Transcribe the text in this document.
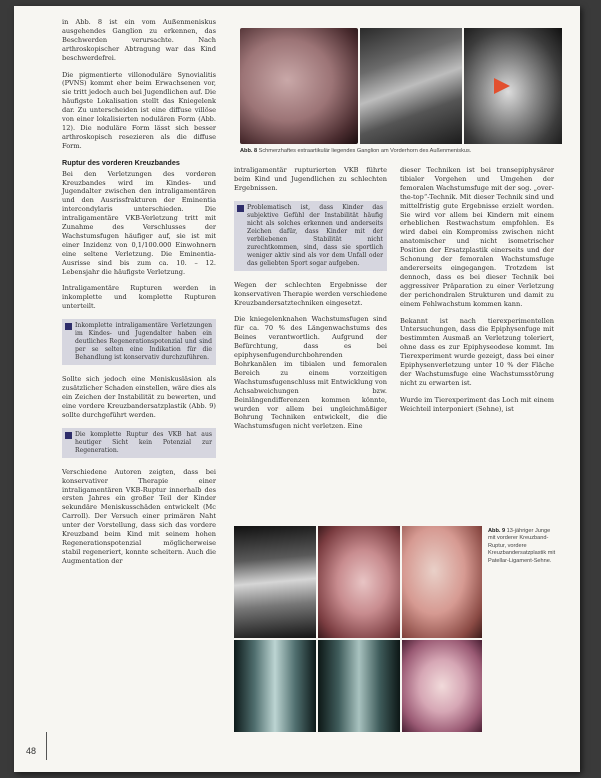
in Abb. 8 ist ein vom Außenmeniskus ausgehendes Ganglion zu erkennen, das Beschwerden verursachte. Nach arthroskopischer Abtragung war das Kind beschwerdefrei.

Die pigmentierte villonoduläre Synovialitis (PVNS) kommt eher beim Erwachsenen vor, sie tritt jedoch auch bei Jugendlichen auf. Die häufigste Lokalisation stellt das Kniegelenk dar. Zu unterscheiden ist eine diffuse villöse von einer lokalisierten nodulären Form (Abb. 12). Die noduläre Form lässt sich besser arthroskopisch resezieren als die diffuse Form.

Ruptur des vorderen Kreuzbandes

Bei den Verletzungen des vorderen Kreuzbandes wird im Kindes- und Jugendalter zwischen den intraligamentären und den Ausrissfrakturen der Eminentia intercondylaris unterschieden. Die intraligamentäre VKB-Verletzung tritt mit Zunahme des Verschlusses der Wachstumsfugen häufiger auf, sie ist mit einer Inzidenz von 0,1/100.000 Einwohnern eine seltene Verletzung. Die Eminentia-Ausrisse sind bis zum ca. 10. – 12. Lebensjahr die häufigste Verletzung.

Intraligamentäre Rupturen werden in inkomplette und komplette Rupturen unterteilt.

Inkomplette intraligamentäre Verletzungen im Kindes- und Jugendalter haben ein deutliches Regenerationspotenzial und sind per se selten eine Indikation für die Behandlung ist konservativ durchzuführen.

Sollte sich jedoch eine Meniskusläsion als zusätzlicher Schaden einstellen, wäre dies als ein Zeichen der Instabilität zu bewerten, und eine vordere Kreuzbandersatzplastik (Abb. 9) sollte durchgeführt werden.

Die komplette Ruptur des VKB hat aus heutiger Sicht kein Potenzial zur Regeneration.

Verschiedene Autoren zeigten, dass bei konservativer Therapie einer intraligamentären VKB-Ruptur innerhalb des ersten Jahres ein großer Teil der Kinder sekundäre Meniskusschäden entwickelt (Mc Carroll). Der Versuch einer primären Naht unter der Vorstellung, dass sich das vordere Kreuzband beim Kind mit seinem hohen Regenerationspotenzial möglicherweise stabil regeneriert, konnte scheitern. Auch die Augmentation der

Abb. 8 Schmerzhaftes extraartikulär liegendes Ganglion am Vorderhorn des Außenmeniskus.

intraligamentär rupturierten VKB führte beim Kind und Jugendlichen zu schlechten Ergebnissen.

Problematisch ist, dass Kinder das subjektive Gefühl der Instabilität häufig nicht als solches erkennen und anderseits Zeichen dafür, dass Kinder mit der verbliebenen Stabilität nicht zurechtkommen, sind, dass sie sportlich weniger aktiv sind als vor dem Unfall oder das geliebten Sport sogar aufgeben.

Wegen der schlechten Ergebnisse der konservativen Therapie werden verschiedene Kreuzbandersatztechniken eingesetzt.

Die kniegelenknahen Wachstumsfugen sind für ca. 70 % des Längenwachstums des Beines verantwortlich. Aufgrund der Befürchtung, dass es bei epiphysenfugendurchbohrenden Bohrkanälen im tibialen und femoralen Bereich zu einem vorzeitigen Wachstumsfugenschluss mit Entwicklung von Achsabweichungen bzw. Beinlängendifferenzen kommen könnte, wurden vor allem bei ungleichmäßiger Bohrung Techniken entwickelt, die die Wachstumsfugen nicht verletzen. Eine

dieser Techniken ist bei transepiphysärer tibialer Vorgehen und Umgehen der femoralen Wachstumsfuge mit der sog. „over-the-top“-Technik. Mit dieser Technik sind und mittelfristig gute Ergebnisse erzielt worden. Sie wird vor allem bei Kindern mit einem erheblichen Restwachstum empfohlen. Es wird dabei ein Kompromiss zwischen nicht anatomischer und nicht isometrischer Position der Ersatzplastik einerseits und der Schonung der femoralen Wachstumsfuge andererseits eingegangen. Trotzdem ist dennoch, dass es bei dieser Technik bei aggressiver Präparation zu einer Verletzung der perichondralen Strukturen und damit zu einem Fehlwachstum kommen kann.

Bekannt ist nach tierexperimentellen Untersuchungen, dass die Epiphysenfuge mit bestimmten Ausmaß an Verletzung toleriert, ohne dass es zur Epiphyseodese kommt. Im Tierexperiment wurde gezeigt, dass bei einer Epiphysenverletzung unter 10 % der Fläche der Wachstumsfuge eine Wachstumsstörung nicht zu erwarten ist.

Wurde im Tierexperiment das Loch mit einem Weichteil interponiert (Sehne), ist

Abb. 9 13-jähriger Junge mit vorderer Kreuzband-Ruptur, vordere Kreuzbandersatzplastik mit Patellar-Ligament-Sehne.
48
